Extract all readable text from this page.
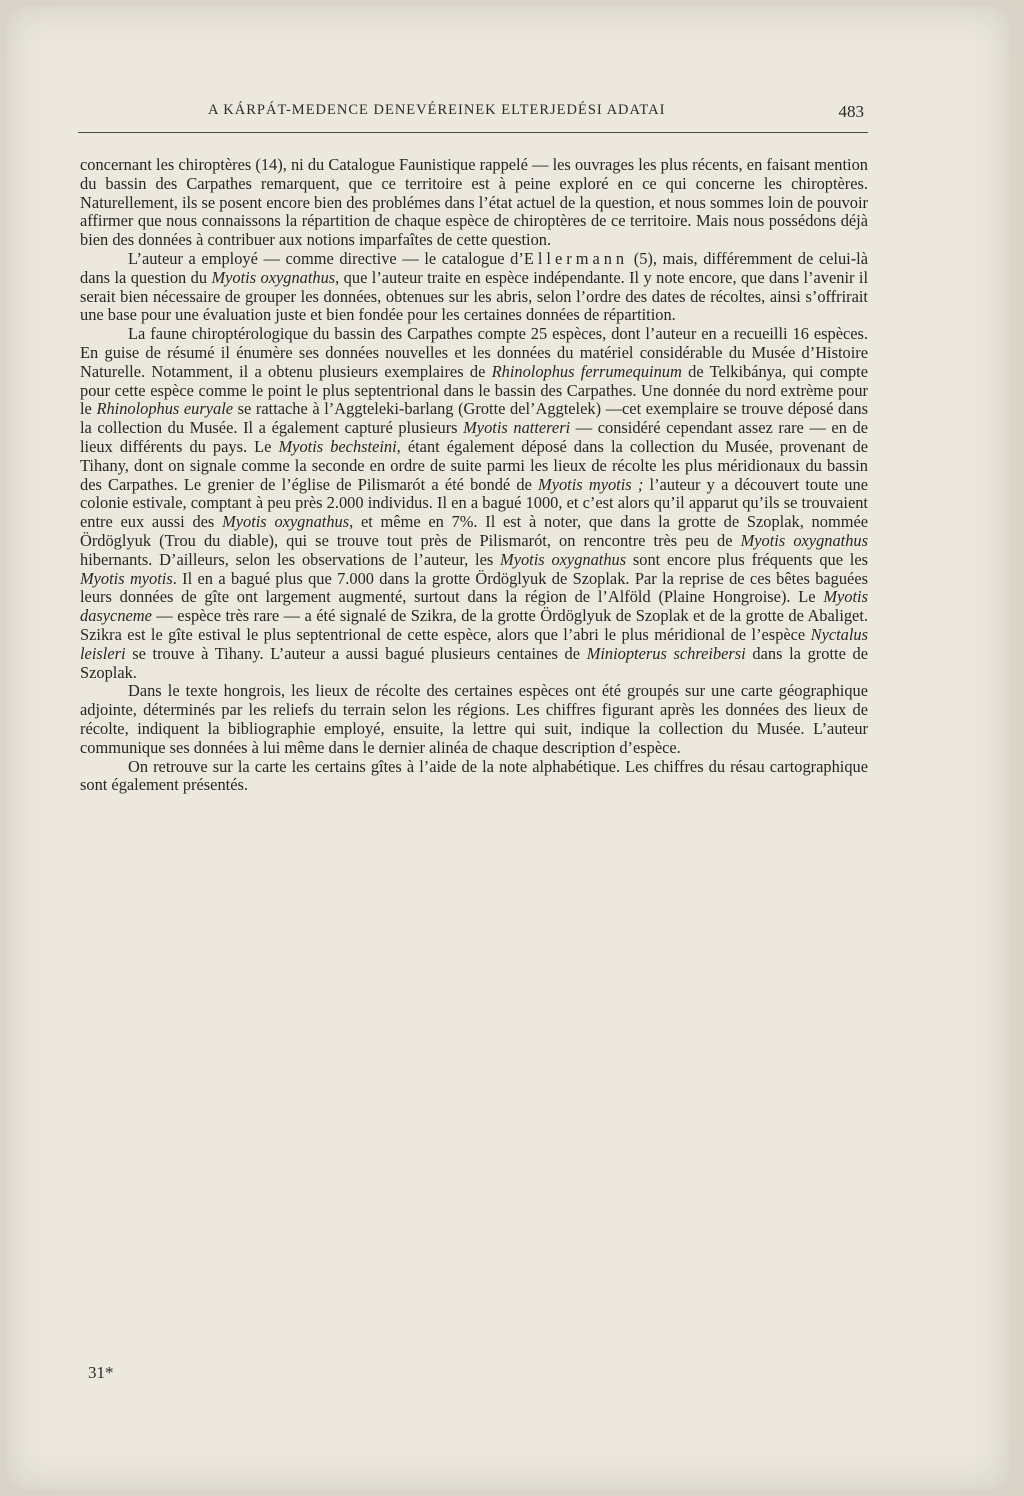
A KÁRPÁT-MEDENCE DENEVÉREINEK ELTERJEDÉSI ADATAI	483

concernant les chiroptères (14), ni du Catalogue Faunistique rappelé — les ouvrages les plus récents, en faisant mention du bassin des Carpathes remarquent, que ce territoire est à peine exploré en ce qui concerne les chiroptères. Naturellement, ils se posent encore bien des problémes dans l’état actuel de la question, et nous sommes loin de pouvoir affirmer que nous connaissons la répartition de chaque espèce de chiroptères de ce territoire. Mais nous possédons déjà bien des données à contribuer aux notions imparfaîtes de cette question.

L’auteur a employé — comme directive — le catalogue d’Ellermann (5), mais, différemment de celui-là dans la question du Myotis oxygnathus, que l’auteur traite en espèce indépendante. Il y note encore, que dans l’avenir il serait bien nécessaire de grouper les données, obtenues sur les abris, selon l’ordre des dates de récoltes, ainsi s’offrirait une base pour une évaluation juste et bien fondée pour les certaines données de répartition.

La faune chiroptérologique du bassin des Carpathes compte 25 espèces, dont l’auteur en a recueilli 16 espèces. En guise de résumé il énumère ses données nouvelles et les données du matériel considérable du Musée d’Histoire Naturelle. Notamment, il a obtenu plusieurs exemplaires de Rhinolophus ferrumequinum de Telkibánya, qui compte pour cette espèce comme le point le plus septentrional dans le bassin des Carpathes. Une donnée du nord extrème pour le Rhinolophus euryale se rattache à l’Aggteleki-barlang (Grotte del’Aggtelek) —cet exemplaire se trouve déposé dans la collection du Musée. Il a également capturé plusieurs Myotis nattereri — considéré cependant assez rare — en de lieux différents du pays. Le Myotis bechsteini, étant également déposé dans la collection du Musée, provenant de Tihany, dont on signale comme la seconde en ordre de suite parmi les lieux de récolte les plus méridionaux du bassin des Carpathes. Le grenier de l’église de Pilismarót a été bondé de Myotis myotis ; l’auteur y a découvert toute une colonie estivale, comptant à peu près 2.000 individus. Il en a bagué 1000, et c’est alors qu’il apparut qu’ils se trouvaient entre eux aussi des Myotis oxygnathus, et même en 7%. Il est à noter, que dans la grotte de Szoplak, nommée Ördöglyuk (Trou du diable), qui se trouve tout près de Pilismarót, on rencontre très peu de Myotis oxygnathus hibernants. D’ailleurs, selon les observations de l’auteur, les Myotis oxygnathus sont encore plus fréquents que les Myotis myotis. Il en a bagué plus que 7.000 dans la grotte Ördöglyuk de Szoplak. Par la reprise de ces bêtes baguées leurs données de gîte ont largement augmenté, surtout dans la région de l’Alföld (Plaine Hongroise). Le Myotis dasycneme — espèce très rare — a été signalé de Szikra, de la grotte Ördöglyuk de Szoplak et de la grotte de Abaliget. Szikra est le gîte estival le plus septentrional de cette espèce, alors que l’abri le plus méridional de l’espèce Nyctalus leisleri se trouve à Tihany. L’auteur a aussi bagué plusieurs centaines de Miniopterus schreibersi dans la grotte de Szoplak.

Dans le texte hongrois, les lieux de récolte des certaines espèces ont été groupés sur une carte géographique adjointe, déterminés par les reliefs du terrain selon les régions. Les chiffres figurant après les données des lieux de récolte, indiquent la bibliographie employé, ensuite, la lettre qui suit, indique la collection du Musée. L’auteur communique ses données à lui même dans le dernier alinéa de chaque description d’espèce.

On retrouve sur la carte les certains gîtes à l’aide de la note alphabétique. Les chiffres du résau cartographique sont également présentés.

31*
